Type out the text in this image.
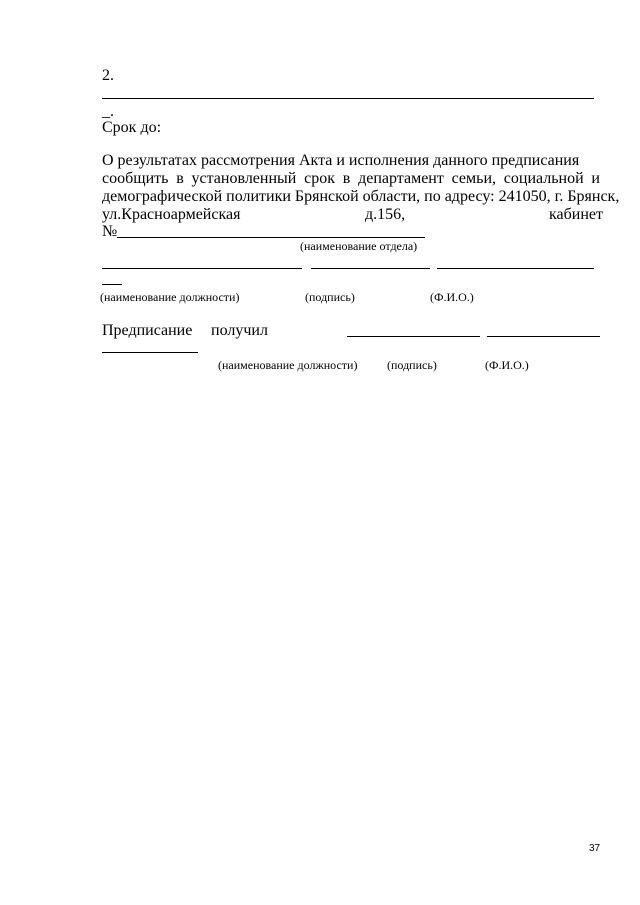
2.
_.
Срок до:
О результатах рассмотрения Акта и исполнения данного предписания
сообщить в установленный срок в департамент семьи, социальной и
демографической политики Брянской области, по адресу: 241050, г. Брянск,
ул.Красноармейская	д.156,	кабинет
№
(наименование отдела)
(наименование должности)	(подпись)	(Ф.И.О.)
Предписание получил
(наименование должности) (подпись)	(Ф.И.О.)
37
